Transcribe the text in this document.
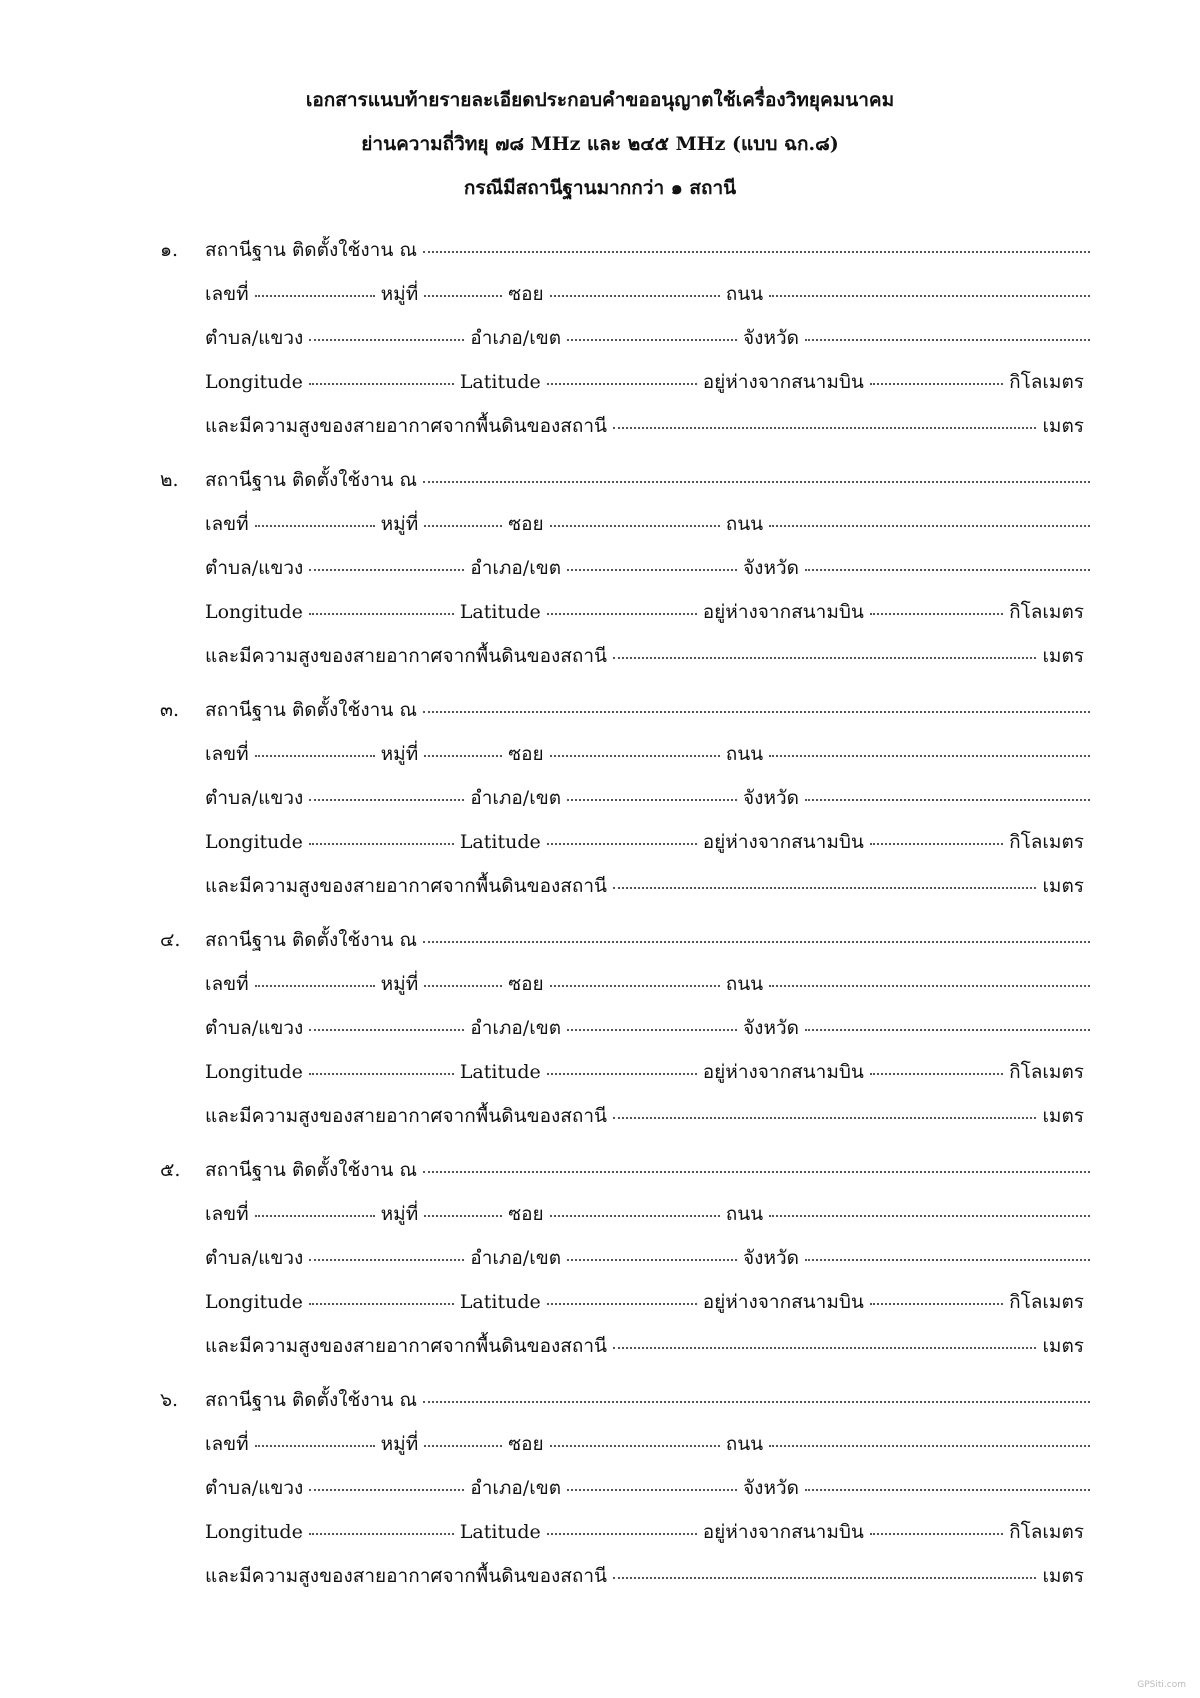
เอกสารแนบท้ายรายละเอียดประกอบคำขออนุญาตใช้เครื่องวิทยุคมนาคม
ย่านความถี่วิทยุ ๗๘ MHz และ ๒๔๕ MHz (แบบ ฉก.๘)
กรณีมีสถานีฐานมากกว่า ๑ สถานี
๑.	สถานีฐาน ติดตั้งใช้งาน ณ
เลขที่	หมู่ที่	ซอย	ถนน
ตำบล/แขวง	อำเภอ/เขต	จังหวัด
Longitude	Latitude	อยู่ห่างจากสนามบิน	กิโลเมตร
และมีความสูงของสายอากาศจากพื้นดินของสถานี	เมตร
๒.	สถานีฐาน ติดตั้งใช้งาน ณ
เลขที่	หมู่ที่	ซอย	ถนน
ตำบล/แขวง	อำเภอ/เขต	จังหวัด
Longitude	Latitude	อยู่ห่างจากสนามบิน	กิโลเมตร
และมีความสูงของสายอากาศจากพื้นดินของสถานี	เมตร
๓.	สถานีฐาน ติดตั้งใช้งาน ณ
เลขที่	หมู่ที่	ซอย	ถนน
ตำบล/แขวง	อำเภอ/เขต	จังหวัด
Longitude	Latitude	อยู่ห่างจากสนามบิน	กิโลเมตร
และมีความสูงของสายอากาศจากพื้นดินของสถานี	เมตร
๔.	สถานีฐาน ติดตั้งใช้งาน ณ
เลขที่	หมู่ที่	ซอย	ถนน
ตำบล/แขวง	อำเภอ/เขต	จังหวัด
Longitude	Latitude	อยู่ห่างจากสนามบิน	กิโลเมตร
และมีความสูงของสายอากาศจากพื้นดินของสถานี	เมตร
๕.	สถานีฐาน ติดตั้งใช้งาน ณ
เลขที่	หมู่ที่	ซอย	ถนน
ตำบล/แขวง	อำเภอ/เขต	จังหวัด
Longitude	Latitude	อยู่ห่างจากสนามบิน	กิโลเมตร
และมีความสูงของสายอากาศจากพื้นดินของสถานี	เมตร
๖.	สถานีฐาน ติดตั้งใช้งาน ณ
เลขที่	หมู่ที่	ซอย	ถนน
ตำบล/แขวง	อำเภอ/เขต	จังหวัด
Longitude	Latitude	อยู่ห่างจากสนามบิน	กิโลเมตร
และมีความสูงของสายอากาศจากพื้นดินของสถานี	เมตร
GPSiti.com
